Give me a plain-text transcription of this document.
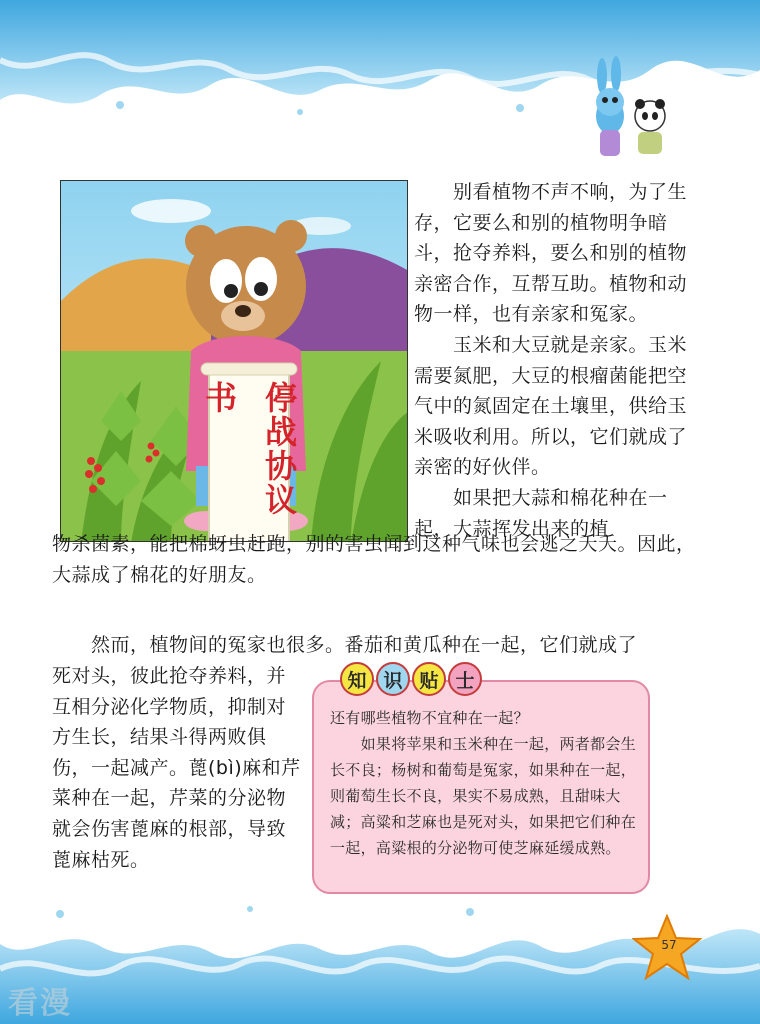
停战协议书

　　别看植物不声不响，为了生存，它要么和别的植物明争暗斗，抢夺养料，要么和别的植物亲密合作，互帮互助。植物和动物一样，也有亲家和冤家。
　　玉米和大豆就是亲家。玉米需要氮肥，大豆的根瘤菌能把空气中的氮固定在土壤里，供给玉米吸收利用。所以，它们就成了亲密的好伙伴。
　　如果把大蒜和棉花种在一起，大蒜挥发出来的植

物杀菌素，能把棉蚜虫赶跑，别的害虫闻到这种气味也会逃之夭夭。因此，大蒜成了棉花的好朋友。

　　然而，植物间的冤家也很多。番茄和黄瓜种在一起，它们就成了

死对头，彼此抢夺养料，并互相分泌化学物质，抑制对方生长，结果斗得两败俱伤，一起减产。蓖(bì)麻和芹菜种在一起，芹菜的分泌物就会伤害蓖麻的根部，导致蓖麻枯死。

知 识 贴 士

还有哪些植物不宜种在一起？
　　如果将苹果和玉米种在一起，两者都会生长不良；杨树和葡萄是冤家，如果种在一起，则葡萄生长不良，果实不易成熟，且甜味大减；高粱和芝麻也是死对头，如果把它们种在一起，高粱根的分泌物可使芝麻延缓成熟。

57
看漫
